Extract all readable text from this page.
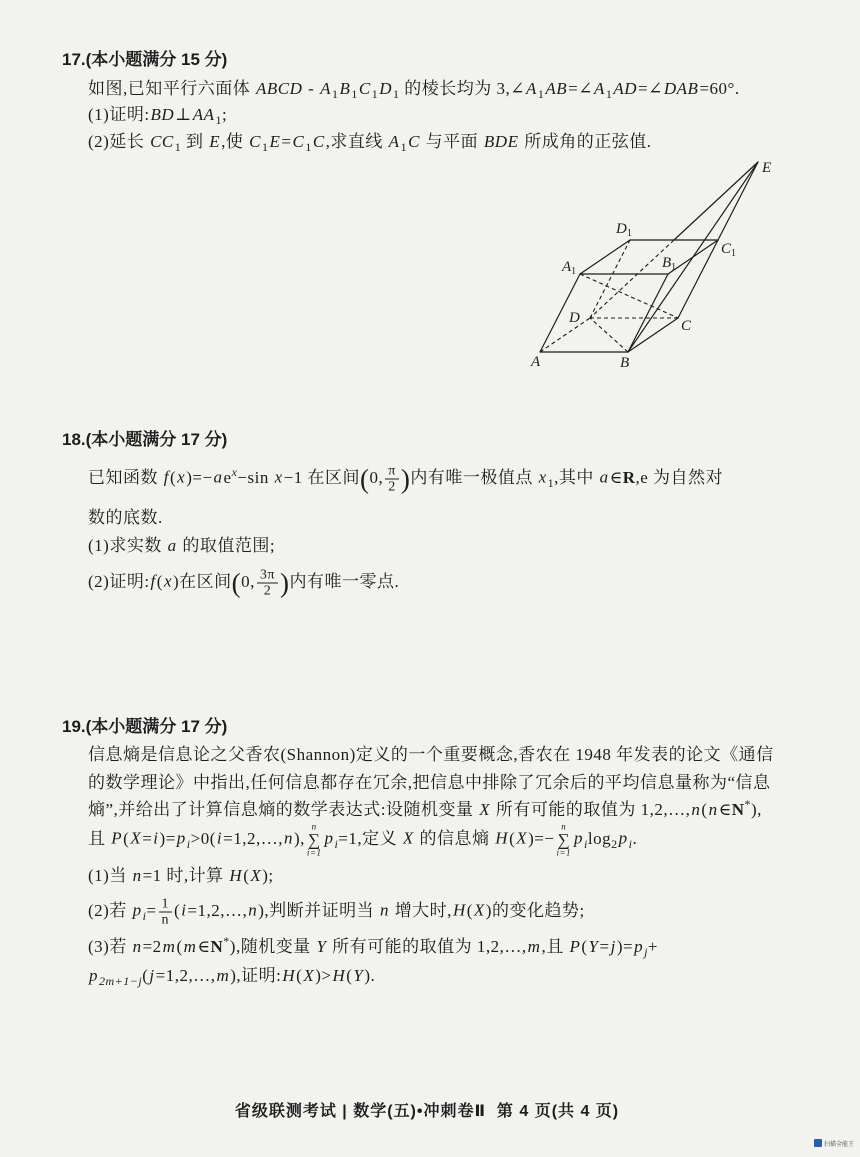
17.(本小题满分 15 分)
如图,已知平行六面体 ABCD - $A_1B_1C_1D_1$ 的棱长均为 $3,\angle A_1AB=\angle A_1AD=\angle DAB=60^\circ$.
(1)证明$:BD\perp AA_1$;
(2)延长 $CC_1$ 到 E,使 $C_1E=C_1C$,求直线 $A_1C$ 与平面 BDE 所成角的正弦值.
E
$D_1$
$C_1$
$A_1$
$B_1$
D	C
A	B
18.(本小题满分 17 分)
已知函数 $f(x)=-ae^x-\sin$ x−1 在区间(0, $\frac{\pi}{2}$ )内有唯一极值点 $x_1$,其中 a∈R,e 为自然对
数的底数.
(1)求实数 a 的取值范围;
(2)证明:f(x)在区间(0, $\frac{3\pi}{2}$ )内有唯一零点.
19.(本小题满分 17 分)
信息熵是信息论之父香农(Shannon)定义的一个重要概念,香农在 1948 年发表的论文《通信
的数学理论》中指出,任何信息都存在冗余,把信息中排除了冗余后的平均信息量称为“信息
熵”,并给出了计算信息熵的数学表达式:设随机变量 X 所有可能的取值为 1,2,…,n(n∈N*),
且 $P(X=i)=p_i>0(i=1,2,\dots,n)$,
n
∑
i=1
$p_i=1$,定义 X 的信息熵 H(X)=−
n
∑
i=1
$p_i\log_2p_i$.
(1)当 n=1 时,计算 H(X);
(2)若 $p_i= \frac{1}{n}$ (i=1,2,…,n),判断并证明当 n 增大时,H(X)的变化趋势;
(3)若 n=2m(m∈N*),随机变量 Y 所有可能的取值为 1,2,…,m,且 $P(Y=j)=p_j+$
$p_{2m+1-j}(j=1,2,\dots,m)$,证明:H(X)>H(Y).
省级联测考试 | 数学(五)•冲刺卷Ⅱ  第 4 页(共 4 页)
扫描全能王
